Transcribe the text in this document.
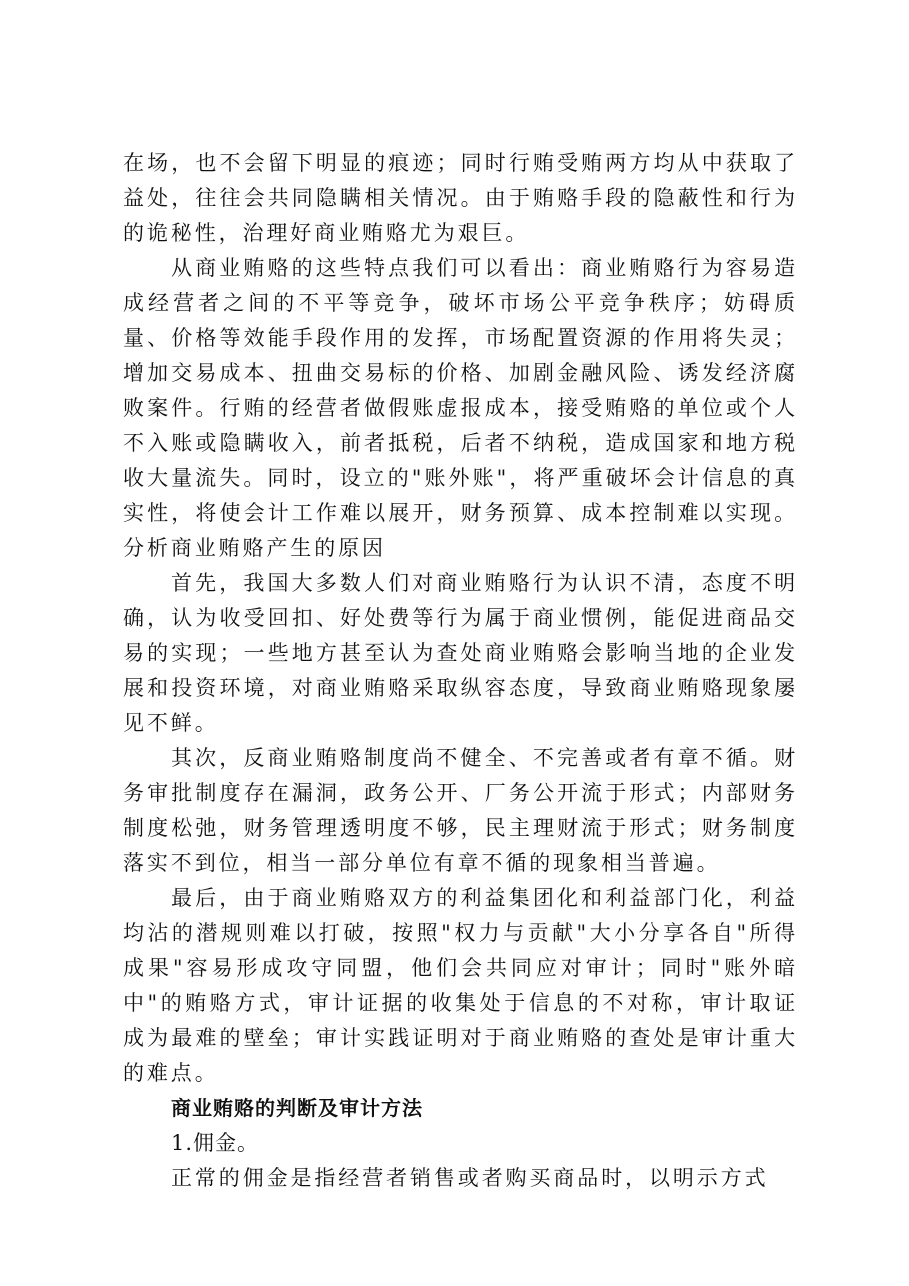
在场，也不会留下明显的痕迹；同时行贿受贿两方均从中获取了益处，往往会共同隐瞒相关情况。由于贿赂手段的隐蔽性和行为的诡秘性，治理好商业贿赂尤为艰巨。

从商业贿赂的这些特点我们可以看出：商业贿赂行为容易造成经营者之间的不平等竞争，破坏市场公平竞争秩序；妨碍质量、价格等效能手段作用的发挥，市场配置资源的作用将失灵；增加交易成本、扭曲交易标的价格、加剧金融风险、诱发经济腐败案件。行贿的经营者做假账虚报成本，接受贿赂的单位或个人不入账或隐瞒收入，前者抵税，后者不纳税，造成国家和地方税收大量流失。同时，设立的"账外账"，将严重破坏会计信息的真实性，将使会计工作难以展开，财务预算、成本控制难以实现。分析商业贿赂产生的原因

首先，我国大多数人们对商业贿赂行为认识不清，态度不明确，认为收受回扣、好处费等行为属于商业惯例，能促进商品交易的实现；一些地方甚至认为查处商业贿赂会影响当地的企业发展和投资环境，对商业贿赂采取纵容态度，导致商业贿赂现象屡见不鲜。

其次，反商业贿赂制度尚不健全、不完善或者有章不循。财务审批制度存在漏洞，政务公开、厂务公开流于形式；内部财务制度松弛，财务管理透明度不够，民主理财流于形式；财务制度落实不到位，相当一部分单位有章不循的现象相当普遍。

最后，由于商业贿赂双方的利益集团化和利益部门化，利益均沾的潜规则难以打破，按照"权力与贡献"大小分享各自"所得成果"容易形成攻守同盟，他们会共同应对审计；同时"账外暗中"的贿赂方式，审计证据的收集处于信息的不对称，审计取证成为最难的壁垒；审计实践证明对于商业贿赂的查处是审计重大的难点。

商业贿赂的判断及审计方法

1.佣金。

正常的佣金是指经营者销售或者购买商品时，以明示方式
